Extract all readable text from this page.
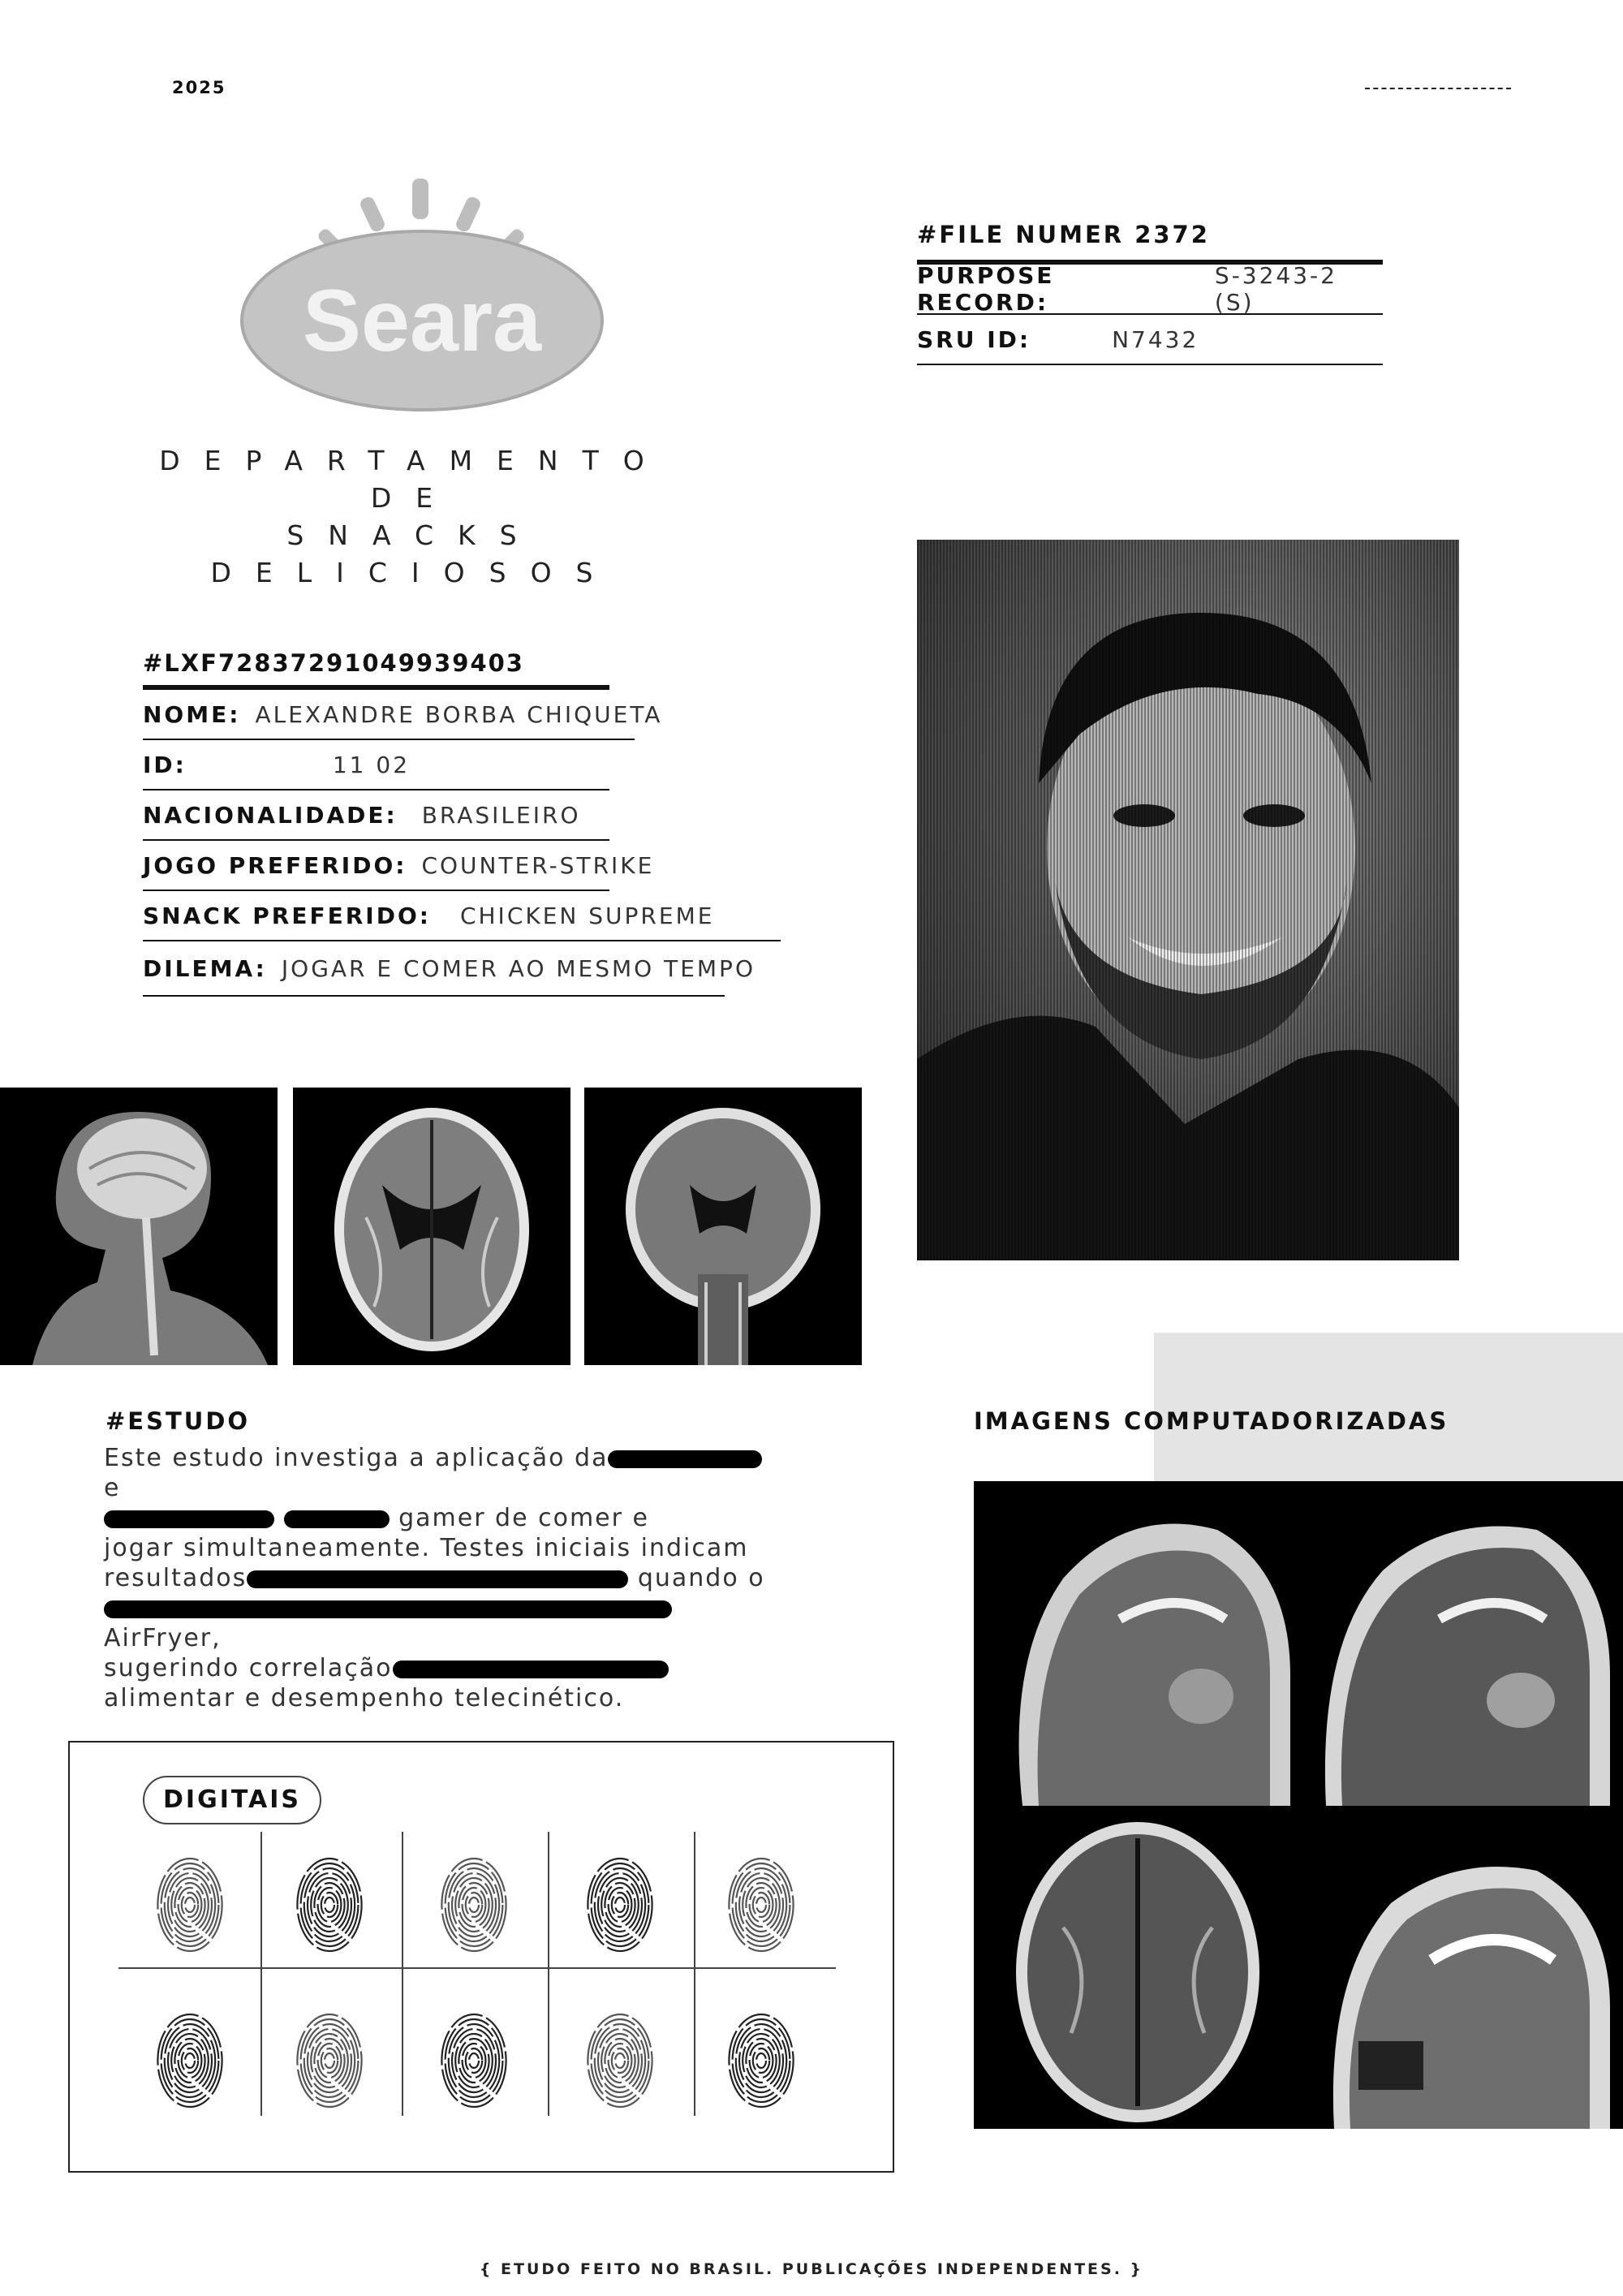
2025
Seara
DEPARTAMENTO DE
SNACKS DELICIOSOS
#FILE NUMER 2372
PURPOSE RECORD:
S-3243-2 (S)
SRU ID:	N7432
#LXF72837291049939403
NOME: ALEXANDRE BORBA CHIQUETA
ID:	11 02
NACIONALIDADE: BRASILEIRO
JOGO PREFERIDO: COUNTER-STRIKE
SNACK PREFERIDO: CHICKEN SUPREME
DILEMA: JOGAR E COMER AO MESMO TEMPO
#ESTUDO
Este estudo investiga a aplicação dae
gamer de comer e
jogar simultaneamente. Testes iniciais indicam
resultados	quando o
AirFryer,
sugerindo correlação
alimentar e desempenho telecinético.
IMAGENS COMPUTADORIZADAS
DIGITAIS
{ ETUDO FEITO NO BRASIL. PUBLICAÇÕES INDEPENDENTES. }
